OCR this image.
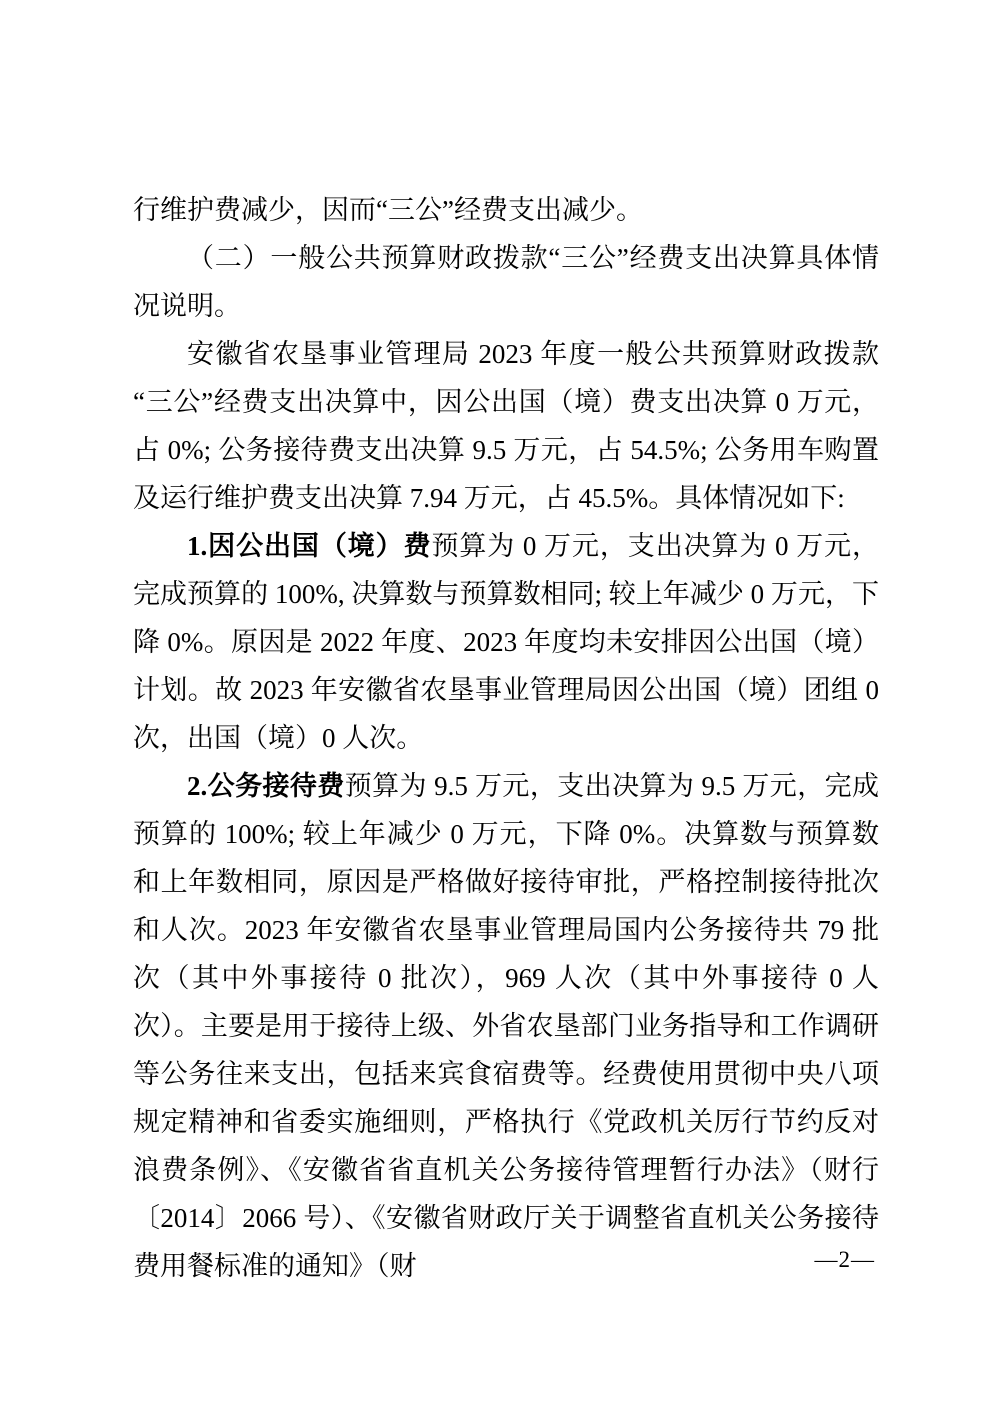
行维护费减少，因而“三公”经费支出减少。

（二）一般公共预算财政拨款“三公”经费支出决算具体情况说明。

安徽省农垦事业管理局 2023 年度一般公共预算财政拨款“三公”经费支出决算中，因公出国（境）费支出决算 0 万元，占 0%; 公务接待费支出决算 9.5 万元，占 54.5%; 公务用车购置及运行维护费支出决算 7.94 万元，占 45.5%。具体情况如下:

1.因公出国（境）费预算为 0 万元，支出决算为 0 万元，完成预算的 100%, 决算数与预算数相同; 较上年减少 0 万元，下降 0%。原因是 2022 年度、2023 年度均未安排因公出国（境）计划。故 2023 年安徽省农垦事业管理局因公出国（境）团组 0 次，出国（境）0 人次。

2.公务接待费预算为 9.5 万元，支出决算为 9.5 万元，完成预算的 100%; 较上年减少 0 万元，下降 0%。决算数与预算数和上年数相同，原因是严格做好接待审批，严格控制接待批次和人次。2023 年安徽省农垦事业管理局国内公务接待共 79 批次（其中外事接待 0 批次），969 人次（其中外事接待 0 人次）。主要是用于接待上级、外省农垦部门业务指导和工作调研等公务往来支出，包括来宾食宿费等。经费使用贯彻中央八项规定精神和省委实施细则，严格执行《党政机关厉行节约反对浪费条例》、《安徽省省直机关公务接待管理暂行办法》（财行〔2014〕2066 号）、《安徽省财政厅关于调整省直机关公务接待费用餐标准的通知》（财	—2—
